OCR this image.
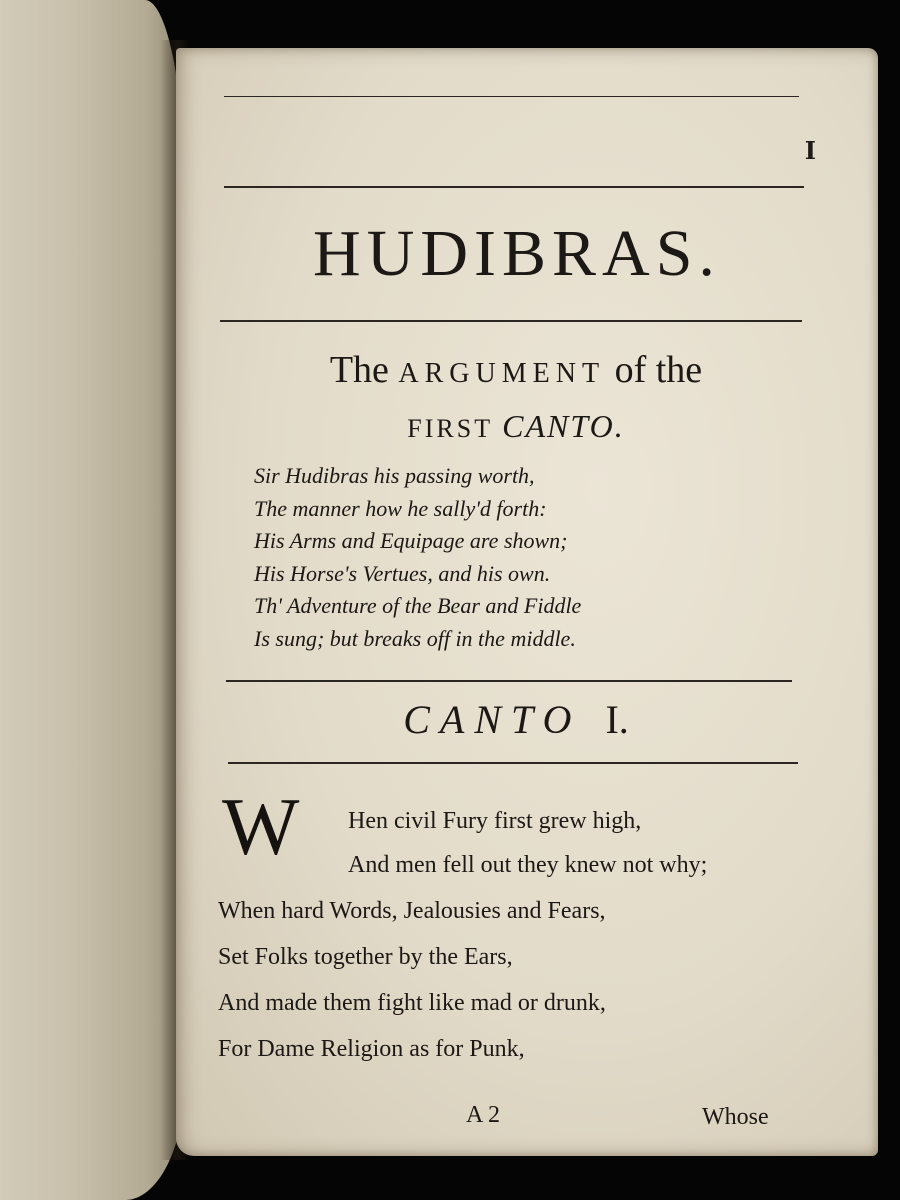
I
HUDIBRAS.
The ARGUMENT of the
FIRST CANTO.
Sir Hudibras his passing worth,
The manner how he sally'd forth:
His Arms and Equipage are shown;
His Horse's Vertues, and his own.
Th' Adventure of the Bear and Fiddle
Is sung; but breaks off in the middle.
CANTO I.
W Hen civil Fury first grew high,
And men fell out they knew not why;
When hard Words, Jealousies and Fears,
Set Folks together by the Ears,
And made them fight like mad or drunk,
For Dame Religion as for Punk,
A 2	Whose
